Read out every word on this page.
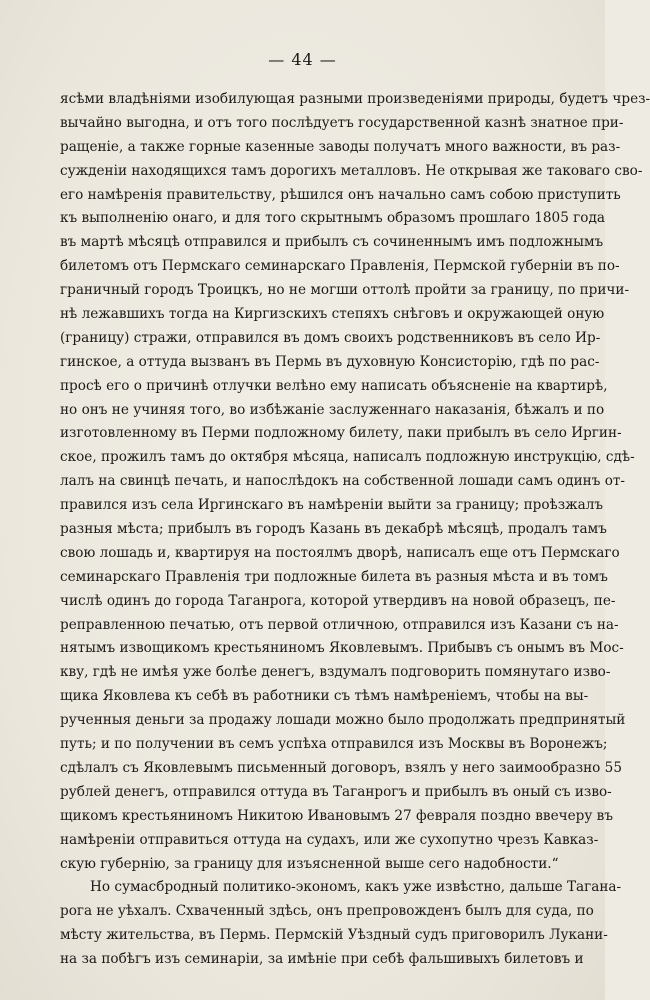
— 44 —
ясѣми владѣніями изобилующая разными произведеніями природы, будетъ чрез-
вычайно выгодна, и отъ того послѣдуетъ государственной казнѣ знатное при-
ращеніе, а также горные казенные заводы получатъ много важности, въ раз-
сужденіи находящихся тамъ дорогихъ металловъ. Не открывая же таковаго сво-
его намѣренія правительству, рѣшился онъ начально самъ собою приступить
къ выполненію онаго, и для того скрытнымъ образомъ прошлаго 1805 года
въ мартѣ мѣсяцѣ отправился и прибылъ съ сочиненнымъ имъ подложнымъ
билетомъ отъ Пермскаго семинарскаго Правленія, Пермской губерніи въ по-
граничный городъ Троицкъ, но не могши оттолѣ пройти за границу, по причи-
нѣ лежавшихъ тогда на Киргизскихъ степяхъ снѣговъ и окружающей оную
(границу) стражи, отправился въ домъ своихъ родственниковъ въ село Ир-
гинское, а оттуда вызванъ въ Пермь въ духовную Консисторію, гдѣ по рас-
просѣ его о причинѣ отлучки велѣно ему написать объясненіе на квартирѣ,
но онъ не учиняя того, во избѣжаніе заслуженнаго наказанія, бѣжалъ и по
изготовленному въ Перми подложному билету, паки прибылъ въ село Иргин-
ское, прожилъ тамъ до октября мѣсяца, написалъ подложную инструкцію, сдѣ-
лалъ на свинцѣ печать, и напослѣдокъ на собственной лошади самъ одинъ от-
правился изъ села Иргинскаго въ намѣреніи выйти за границу; проѣзжалъ
разныя мѣста; прибылъ въ городъ Казань въ декабрѣ мѣсяцѣ, продалъ тамъ
свою лошадь и, квартируя на постоялмъ дворѣ, написалъ еще отъ Пермскаго
семинарскаго Правленія три подложные билета въ разныя мѣста и въ томъ
числѣ одинъ до города Таганрога, которой утвердивъ на новой образецъ, пе-
реправленною печатью, отъ первой отличною, отправился изъ Казани съ на-
нятымъ извощикомъ крестьяниномъ Яковлевымъ. Прибывъ съ онымъ въ Мос-
кву, гдѣ не имѣя уже болѣе денегъ, вздумалъ подговорить помянутаго изво-
щика Яковлева къ себѣ въ работники съ тѣмъ намѣреніемъ, чтобы на вы-
рученныя деньги за продажу лошади можно было продолжать предпринятый
путь; и по получении въ семъ успѣха отправился изъ Москвы въ Воронежъ;
сдѣлалъ съ Яковлевымъ письменный договоръ, взялъ у него заимообразно 55
рублей денегъ, отправился оттуда въ Таганрогъ и прибылъ въ оный съ изво-
щикомъ крестьяниномъ Никитою Ивановымъ 27 февраля поздно ввечеру въ
намѣреніи отправиться оттуда на судахъ, или же сухопутно чрезъ Кавказ-
скую губернію, за границу для изъясненной выше сего надобности.“
Но сумасбродный политико-экономъ, какъ уже извѣстно, дальше Тагана-
рога не уѣхалъ. Схваченный здѣсь, онъ препровожденъ былъ для суда, по
мѣсту жительства, въ Пермь. Пермскій Уѣздный судъ приговорилъ Лукани-
на за побѣгъ изъ семинаріи, за имѣніе при себѣ фальшивыхъ билетовъ и
